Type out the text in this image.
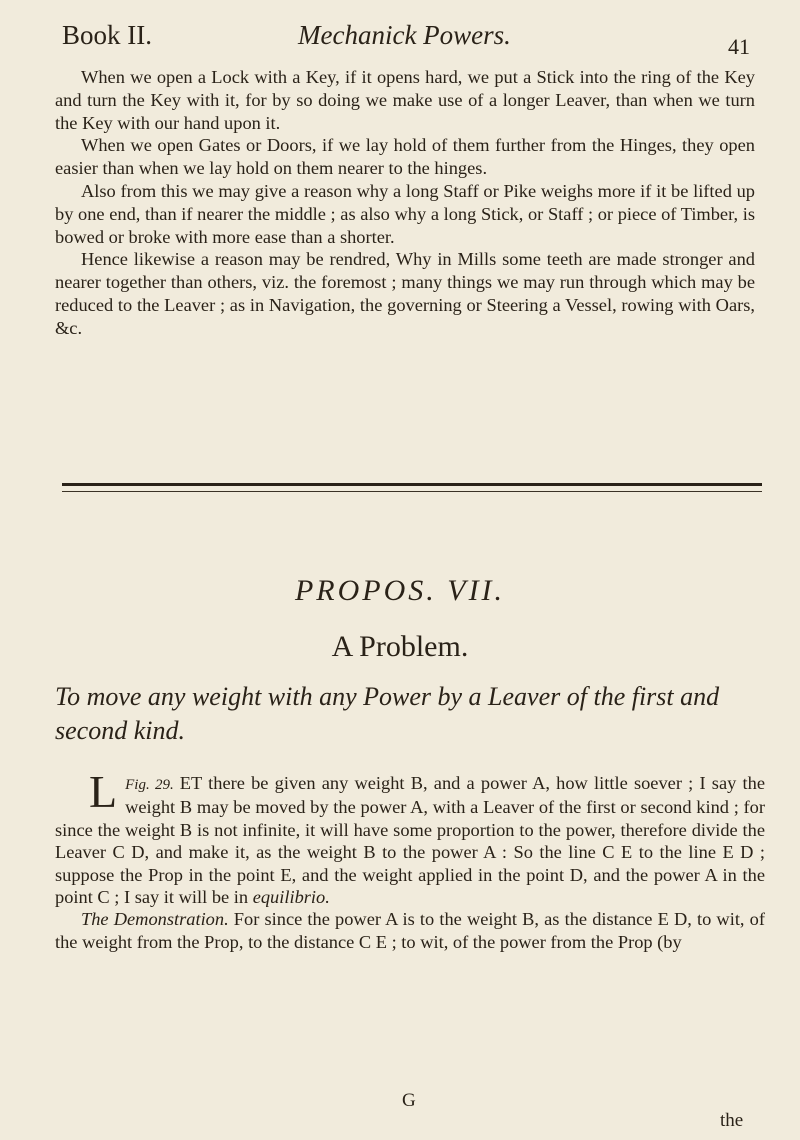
Book II.	Mechanick Powers.	41

When we open a Lock with a Key, if it opens hard, we put a Stick into the ring of the Key and turn the Key with it, for by so doing we make use of a longer Leaver, than when we turn the Key with our hand upon it.

When we open Gates or Doors, if we lay hold of them further from the Hinges, they open easier than when we lay hold on them nearer to the hinges.

Also from this we may give a reason why a long Staff or Pike weighs more if it be lifted up by one end, than if nearer the middle ; as also why a long Stick, or Staff ; or piece of Timber, is bowed or broke with more ease than a shorter.

Hence likewise a reason may be rendred, Why in Mills some teeth are made stronger and nearer together than others, viz. the foremost ; many things we may run through which may be reduced to the Leaver ; as in Navigation, the governing or Steering a Vessel, rowing with Oars, &c.

PROPOS. VII.
A Problem.
To move any weight with any Power by a Leaver of the first and second kind.
Fig. 29.
L	ET there be given any weight B, and a power A, how little soever ; I say the weight B may be moved by the power A, with a Leaver of the first or second kind ; for since the weight B is not infinite, it will have some proportion to the power, therefore divide the Leaver C D, and make it, as the weight B to the power A : So the line C E to the line E D ; suppose the Prop in the point E, and the weight applied in the point D, and the power A in the point C ; I say it will be in equilibrio.
The Demonstration. For since the power A is to the weight B, as the distance E D, to wit, of the weight from the Prop, to the distance C E ; to wit, of the power from the Prop (by
G
the
